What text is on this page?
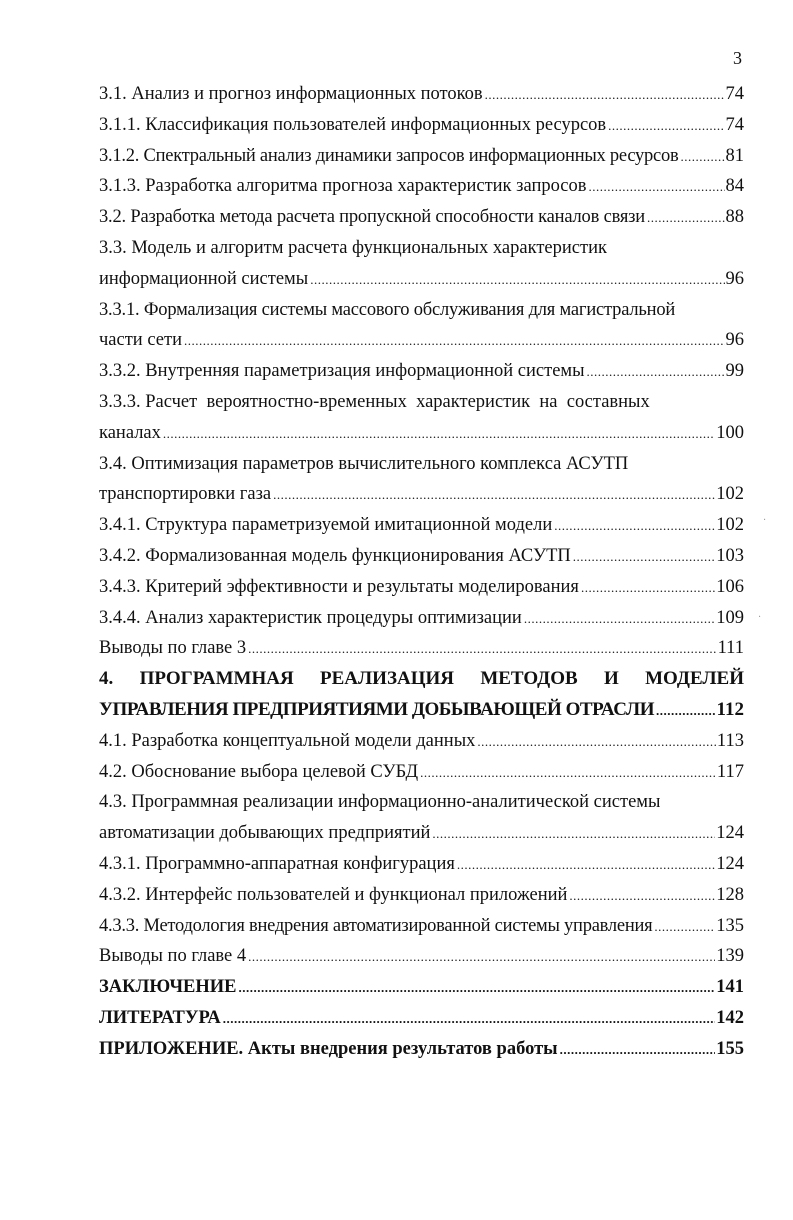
3
3.1. Анализ и прогноз информационных потоков .....	74
3.1.1. Классификация пользователей информационных ресурсов .....	74
3.1.2. Спектральный анализ динамики запросов информационных ресурсов .....	81
3.1.3. Разработка алгоритма прогноза характеристик запросов .....	84
3.2. Разработка метода расчета пропускной способности каналов связи .....	88
3.3. Модель и алгоритм расчета функциональных характеристик
информационной системы .....	96
3.3.1. Формализация системы массового обслуживания для магистральной
части сети .....	96
3.3.2. Внутренняя параметризация информационной системы .....	99
3.3.3. Расчет  вероятностно-временных  характеристик  на  составных
каналах .....	100
3.4. Оптимизация параметров вычислительного комплекса АСУТП
транспортировки газа .....	102
3.4.1. Структура параметризуемой имитационной модели .....	102
3.4.2. Формализованная модель функционирования АСУТП .....	103
3.4.3. Критерий эффективности и результаты моделирования .....	106
3.4.4. Анализ характеристик процедуры оптимизации .....	109
Выводы по главе 3 .....	111
4.  ПРОГРАММНАЯ  РЕАЛИЗАЦИЯ  МЕТОДОВ  И  МОДЕЛЕЙ
УПРАВЛЕНИЯ ПРЕДПРИЯТИЯМИ ДОБЫВАЮЩЕЙ ОТРАСЛИ .....	112
4.1. Разработка концептуальной модели данных .....	113
4.2. Обоснование выбора целевой СУБД .....	117
4.3. Программная реализации информационно-аналитической системы
автоматизации добывающих предприятий .....	124
4.3.1. Программно-аппаратная конфигурация .....	124
4.3.2. Интерфейс пользователей и функционал приложений .....	128
4.3.3. Методология внедрения автоматизированной системы управления .....	135
Выводы по главе 4 .....	139
ЗАКЛЮЧЕНИЕ .....	141
ЛИТЕРАТУРА .....	142
ПРИЛОЖЕНИЕ. Акты внедрения результатов работы .....	155
·
·
